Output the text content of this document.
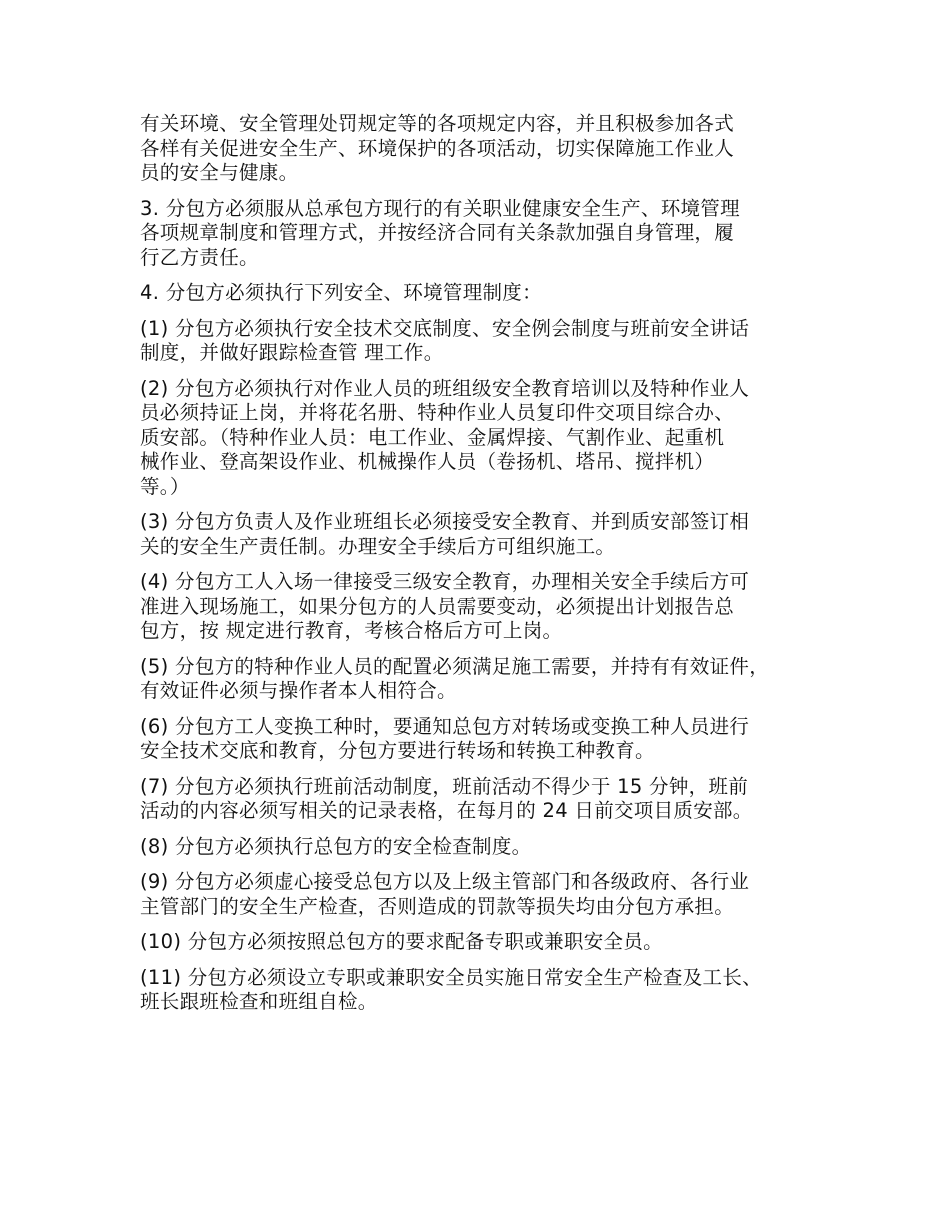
有关环境、安全管理处罚规定等的各项规定内容，并且积极参加各式
各样有关促进安全生产、环境保护的各项活动，切实保障施工作业人
员的安全与健康。
3. 分包方必须服从总承包方现行的有关职业健康安全生产、环境管理
各项规章制度和管理方式，并按经济合同有关条款加强自身管理，履
行乙方责任。
4. 分包方必须执行下列安全、环境管理制度：
(1) 分包方必须执行安全技术交底制度、安全例会制度与班前安全讲话
制度，并做好跟踪检查管 理工作。
(2) 分包方必须执行对作业人员的班组级安全教育培训以及特种作业人
员必须持证上岗，并将花名册、特种作业人员复印件交项目综合办、
质安部。（特种作业人员：电工作业、金属焊接、气割作业、起重机
械作业、登高架设作业、机械操作人员（卷扬机、塔吊、搅拌机）
等。）
(3) 分包方负责人及作业班组长必须接受安全教育、并到质安部签订相
关的安全生产责任制。办理安全手续后方可组织施工。
(4) 分包方工人入场一律接受三级安全教育，办理相关安全手续后方可
准进入现场施工，如果分包方的人员需要变动，必须提出计划报告总
包方，按 规定进行教育，考核合格后方可上岗。
(5) 分包方的特种作业人员的配置必须满足施工需要，并持有有效证件，
有效证件必须与操作者本人相符合。
(6) 分包方工人变换工种时，要通知总包方对转场或变换工种人员进行
安全技术交底和教育，分包方要进行转场和转换工种教育。
(7) 分包方必须执行班前活动制度，班前活动不得少于 15 分钟，班前
活动的内容必须写相关的记录表格，在每月的 24 日前交项目质安部。
(8) 分包方必须执行总包方的安全检查制度。
(9) 分包方必须虚心接受总包方以及上级主管部门和各级政府、各行业
主管部门的安全生产检查，否则造成的罚款等损失均由分包方承担。
(10) 分包方必须按照总包方的要求配备专职或兼职安全员。
(11) 分包方必须设立专职或兼职安全员实施日常安全生产检查及工长、
班长跟班检查和班组自检。
